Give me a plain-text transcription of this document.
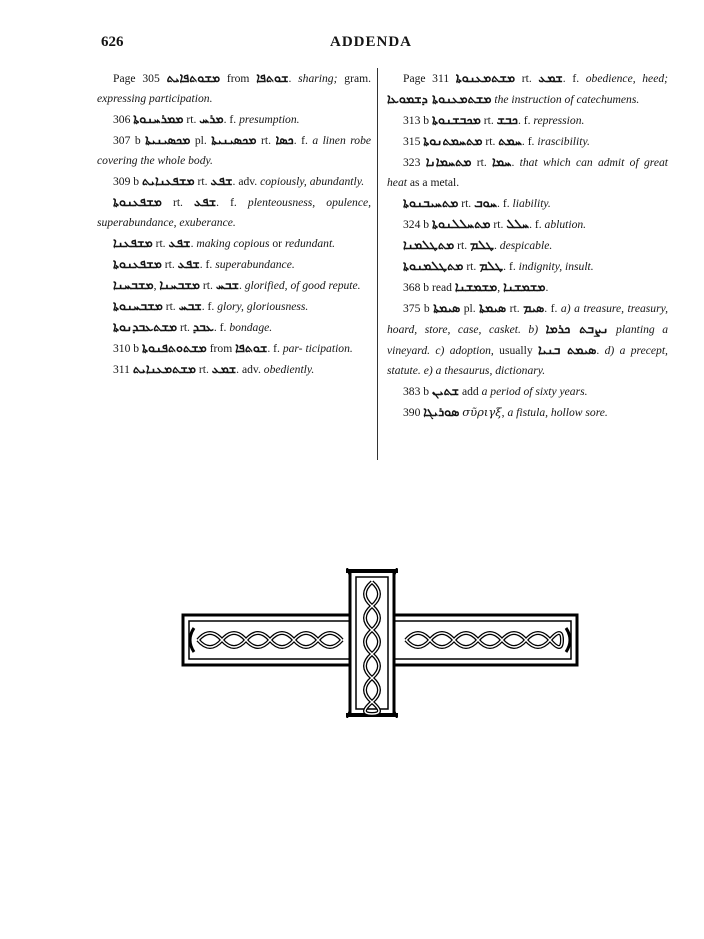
626	ADDENDA

Page 305 ܡܫܘܬܦܐܝܬ from ܫܘܬܦܐ. sharing; gram. expressing participation.

306 ܡܡܪܚܢܘܬܐ rt. ܡܪܚ. f. presumption.

307 b ܡܟܣܝܢܝܬܐ pl. ܡܟܣܝܢܝܬܐ rt. ܟܣܐ. f. a linen robe covering the whole body.

309 b ܡܫܦܥܢܐܝܬ rt. ܫܦܥ. adv. copiously, abundantly.

ܡܫܦܥܢܘܬܐ rt. ܫܦܥ. f. plenteousness, opulence, superabundance, exuberance.

ܡܫܦܥܢܐ rt. ܫܦܥ. making copious or redundant.

ܡܫܦܥܢܘܬܐ rt. ܫܦܥ. f. superabundance.

ܡܫܒܚܢܐ, ܡܫܒܚܢܐ rt. ܫܒܚ. glorified, of good repute.

ܡܫܒܚܢܘܬܐ rt. ܫܒܚ. f. glory, gloriousness.

ܡܫܬܥܒܕܢܘܬܐ rt. ܥܒܕ. f. bondage.

310 b ܡܫܬܘܬܦܢܘܬܐ from ܫܘܬܦܐ. f. par- ticipation.

311 ܡܫܬܡܥܢܐܝܬ rt. ܫܡܥ. adv. obediently.

Page 311 ܡܫܬܡܥܢܘܬܐ rt. ܫܡܥ. f. obedience, heed; ܡܫܬܡܥܢܘܬܐ ܕܫܡܘܥܐ the instruction of catechumens.

313 b ܡܟܒܫܢܘܬܐ rt. ܟܒܫ. f. repression.

315 ܡܬܚܡܬܢܘܬܐ rt. ܚܡܬ. f. irascibility.

323 ܡܬܚܡܐܢܐ rt. ܚܡܐ. that which can admit of great heat as a metal.

ܡܬܚܝܒܢܘܬܐ rt. ܚܘܒ. f. liability.

324 b ܡܬܚܠܠܢܘܬܐ rt. ܚܠܠ. f. ablution.

ܡܬܛܠܡܢܐ rt. ܛܠܡ. despicable.

ܡܬܛܠܡܢܘܬܐ rt. ܛܠܡ. f. indignity, insult.

368 b read ܡܫܡܫܢܐ, ܡܫܡܫܢܐ.

375 b ܣܝܡܬܐ pl. ܣܝܡܬܐ rt. ܣܝܡ. f. a) a treasure, treasury, hoard, store, case, casket. b) ܢܨܒܬ ܟܪܡܐ planting a vineyard. c) adoption, usually ܣܝܡܬ ܒܢܝܐ. d) a precept, statute. e) a thesaurus, dictionary.

383 b ܫܬܝܢ add a period of sixty years.

390 ܣܘܪܝܓܐ σῦριγξ, a fistula, hollow sore.
